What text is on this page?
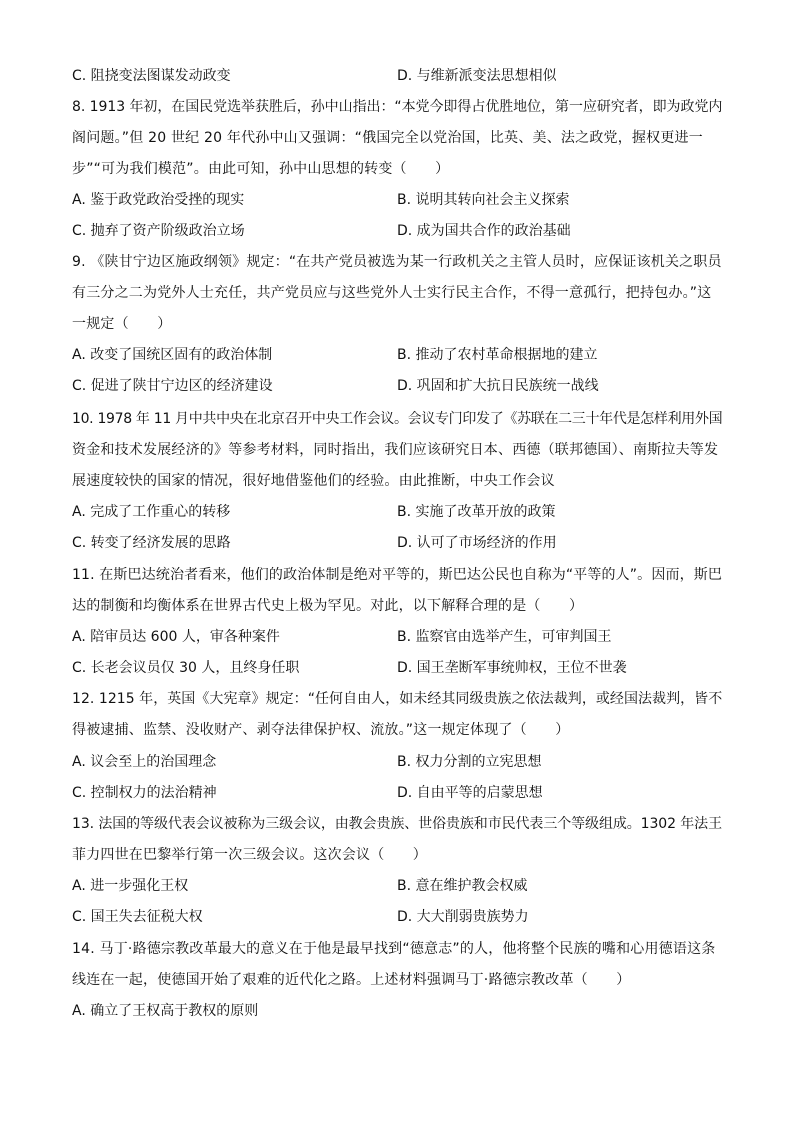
C. 阻挠变法图谋发动政变	D. 与维新派变法思想相似
8. 1913 年初，在国民党选举获胜后，孙中山指出：“本党今即得占优胜地位，第一应研究者，即为政党内
阁问题。”但 20 世纪 20 年代孙中山又强调：“俄国完全以党治国，比英、美、法之政党，握权更进一
步”“可为我们模范”。由此可知，孙中山思想的转变（　　）
A. 鉴于政党政治受挫的现实	B. 说明其转向社会主义探索
C. 抛弃了资产阶级政治立场	D. 成为国共合作的政治基础
9. 《陕甘宁边区施政纲领》规定：“在共产党员被选为某一行政机关之主管人员时，应保证该机关之职员
有三分之二为党外人士充任，共产党员应与这些党外人士实行民主合作，不得一意孤行，把持包办。”这
一规定（　　）
A. 改变了国统区固有的政治体制	B. 推动了农村革命根据地的建立
C. 促进了陕甘宁边区的经济建设	D. 巩固和扩大抗日民族统一战线
10. 1978 年 11 月中共中央在北京召开中央工作会议。会议专门印发了《苏联在二三十年代是怎样利用外国
资金和技术发展经济的》等参考材料，同时指出，我们应该研究日本、西德（联邦德国）、南斯拉夫等发
展速度较快的国家的情况，很好地借鉴他们的经验。由此推断，中央工作会议
A. 完成了工作重心的转移	B. 实施了改革开放的政策
C. 转变了经济发展的思路	D. 认可了市场经济的作用
11. 在斯巴达统治者看来，他们的政治体制是绝对平等的，斯巴达公民也自称为“平等的人”。因而，斯巴
达的制衡和均衡体系在世界古代史上极为罕见。对此，以下解释合理的是（　　）
A. 陪审员达 600 人，审各种案件	B. 监察官由选举产生，可审判国王
C. 长老会议员仅 30 人，且终身任职	D. 国王垄断军事统帅权，王位不世袭
12. 1215 年，英国《大宪章》规定：“任何自由人，如未经其同级贵族之依法裁判，或经国法裁判，皆不
得被逮捕、监禁、没收财产、剥夺法律保护权、流放。”这一规定体现了（　　）
A. 议会至上的治国理念	B. 权力分割的立宪思想
C. 控制权力的法治精神	D. 自由平等的启蒙思想
13. 法国的等级代表会议被称为三级会议，由教会贵族、世俗贵族和市民代表三个等级组成。1302 年法王
菲力四世在巴黎举行第一次三级会议。这次会议（　　）
A. 进一步强化王权	B. 意在维护教会权威
C. 国王失去征税大权	D. 大大削弱贵族势力
14. 马丁·路德宗教改革最大的意义在于他是最早找到“德意志”的人，他将整个民族的嘴和心用德语这条
线连在一起，使德国开始了艰难的近代化之路。上述材料强调马丁·路德宗教改革（　　）
A. 确立了王权高于教权的原则
